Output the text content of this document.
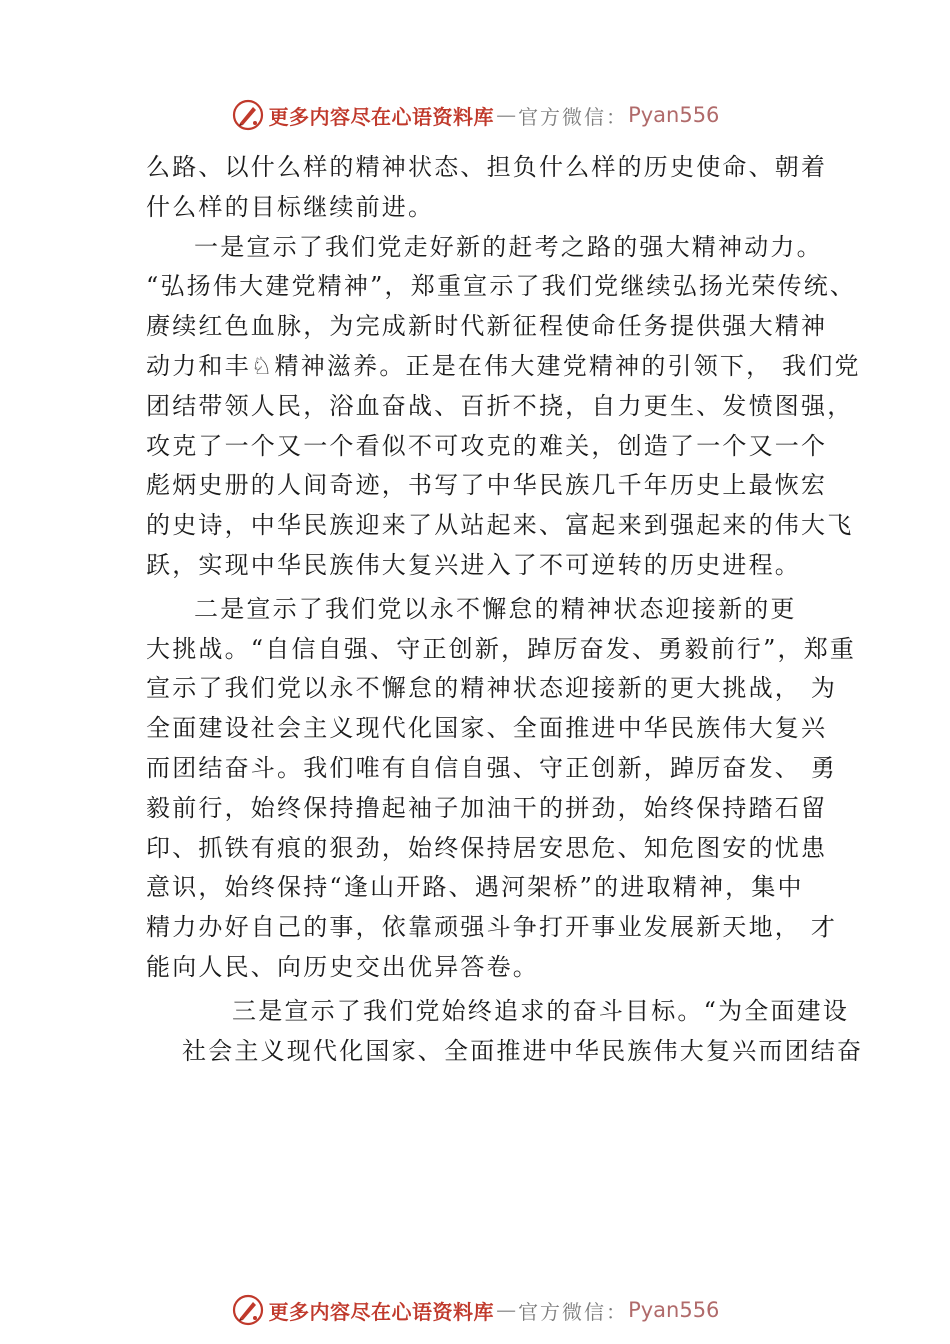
更多内容尽在心语资料库 — 官方微信： Pyan556
么路、以什么样的精神状态、担负什么样的历史使命、朝着
什么样的目标继续前进。
一是宣示了我们党走好新的赶考之路的强大精神动力。
“弘扬伟大建党精神”，郑重宣示了我们党继续弘扬光荣传统、
赓续红色血脉，为完成新时代新征程使命任务提供强大精神
动力和丰♘精神滋养。正是在伟大建党精神的引领下， 我们党
团结带领人民，浴血奋战、百折不挠，自力更生、发愤图强，
攻克了一个又一个看似不可攻克的难关，创造了一个又一个
彪炳史册的人间奇迹，书写了中华民族几千年历史上最恢宏
的史诗，中华民族迎来了从站起来、富起来到强起来的伟大飞
跃，实现中华民族伟大复兴进入了不可逆转的历史进程。
二是宣示了我们党以永不懈怠的精神状态迎接新的更
大挑战。“自信自强、守正创新，踔厉奋发、勇毅前行”，郑重
宣示了我们党以永不懈怠的精神状态迎接新的更大挑战， 为
全面建设社会主义现代化国家、全面推进中华民族伟大复兴
而团结奋斗。我们唯有自信自强、守正创新，踔厉奋发、 勇
毅前行，始终保持撸起袖子加油干的拼劲，始终保持踏石留
印、抓铁有痕的狠劲，始终保持居安思危、知危图安的忧患
意识，始终保持“逢山开路、遇河架桥”的进取精神，集中
精力办好自己的事，依靠顽强斗争打开事业发展新天地， 才
能向人民、向历史交出优异答卷。
三是宣示了我们党始终追求的奋斗目标。“为全面建设
社会主义现代化国家、全面推进中华民族伟大复兴而团结奋
更多内容尽在心语资料库 — 官方微信： Pyan556
